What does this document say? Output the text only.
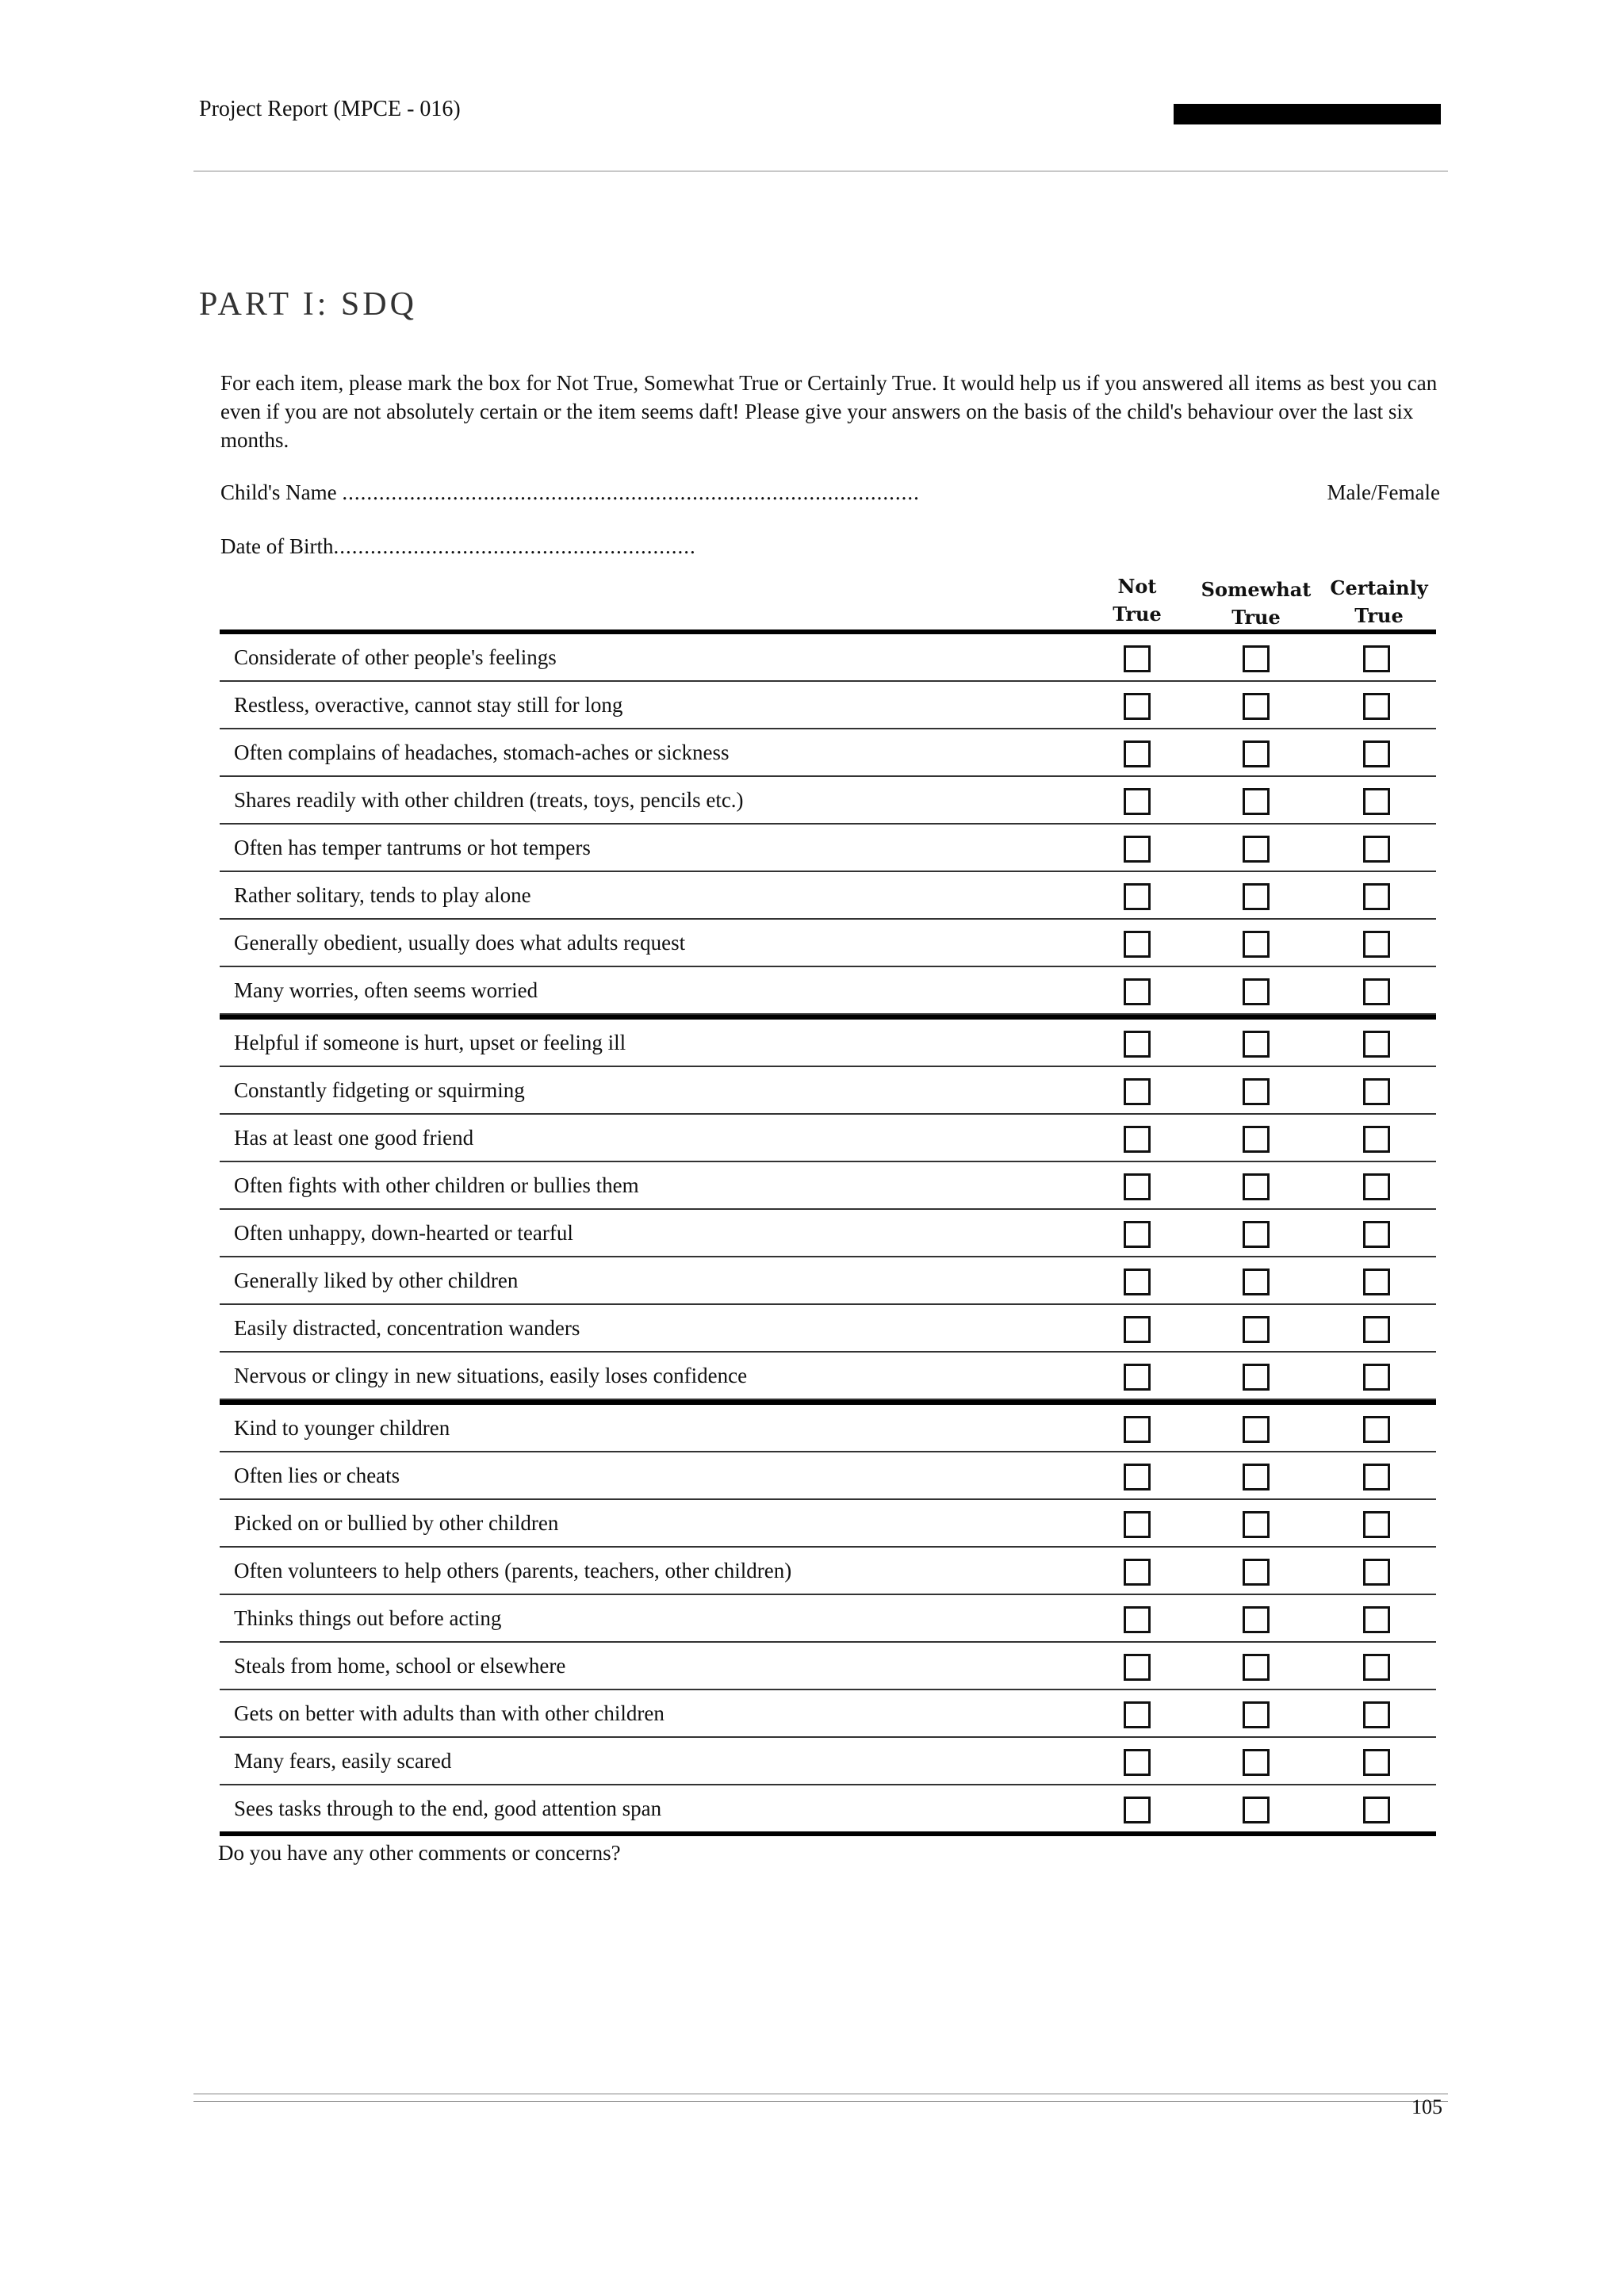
Project Report (MPCE - 016)
PART I: SDQ
For each item, please mark the box for Not True, Somewhat True or Certainly True. It would help us if you answered all items as best you can even if you are not absolutely certain or the item seems daft! Please give your answers on the basis of the child's behaviour over the last six months.
Child's Name ..............................................................................................	Male/Female
Date of Birth...........................................................
Not
True
Somewhat
True
Certainly
True
Considerate of other people's feelings
Restless, overactive, cannot stay still for long
Often complains of headaches, stomach-aches or sickness
Shares readily with other children (treats, toys, pencils etc.)
Often has temper tantrums or hot tempers
Rather solitary, tends to play alone
Generally obedient, usually does what adults request
Many worries, often seems worried
Helpful if someone is hurt, upset or feeling ill
Constantly fidgeting or squirming
Has at least one good friend
Often fights with other children or bullies them
Often unhappy, down-hearted or tearful
Generally liked by other children
Easily distracted, concentration wanders
Nervous or clingy in new situations, easily loses confidence
Kind to younger children
Often lies or cheats
Picked on or bullied by other children
Often volunteers to help others (parents, teachers, other children)
Thinks things out before acting
Steals from home, school or elsewhere
Gets on better with adults than with other children
Many fears, easily scared
Sees tasks through to the end, good attention span
Do you have any other comments or concerns?
105
